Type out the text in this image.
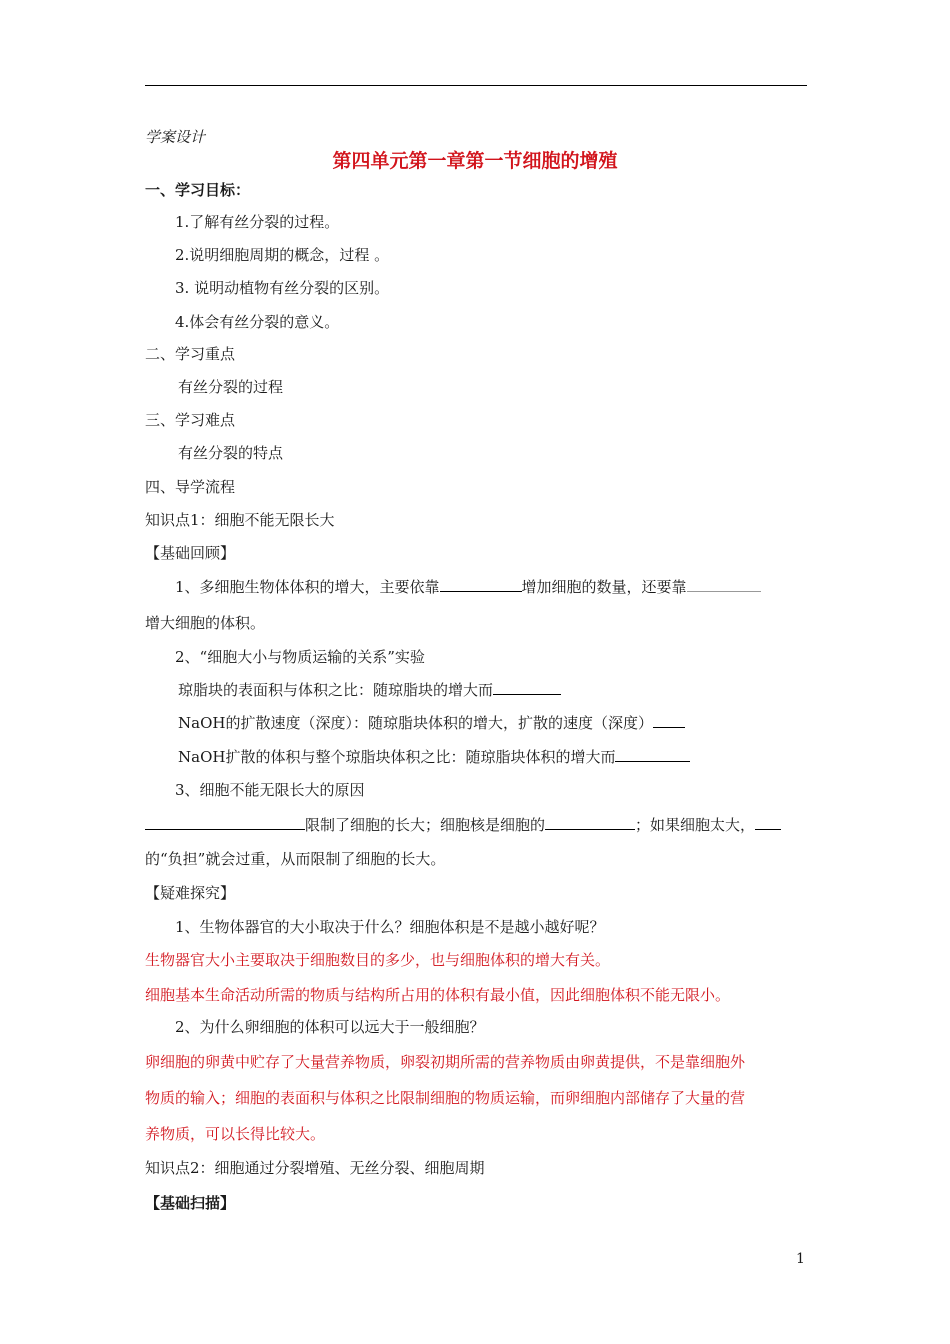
学案设计
第四单元第一章第一节细胞的增殖
一、学习目标：
1.了解有丝分裂的过程。
2.说明细胞周期的概念，过程 。
3. 说明动植物有丝分裂的区别。
4.体会有丝分裂的意义。
二、学习重点
有丝分裂的过程
三、学习难点
有丝分裂的特点
四、导学流程
知识点1：细胞不能无限长大
【基础回顾】
1、多细胞生物体体积的增大，主要依靠	增加细胞的数量，还要靠
增大细胞的体积。
2、“细胞大小与物质运输的关系”实验
琼脂块的表面积与体积之比：随琼脂块的增大而
NaOH的扩散速度（深度）：随琼脂块体积的增大，扩散的速度（深度）
NaOH扩散的体积与整个琼脂块体积之比：随琼脂块体积的增大而
3、细胞不能无限长大的原因
限制了细胞的长大；细胞核是细胞的	；如果细胞太大，
的“负担”就会过重，从而限制了细胞的长大。
【疑难探究】
1、生物体器官的大小取决于什么？细胞体积是不是越小越好呢？
生物器官大小主要取决于细胞数目的多少，也与细胞体积的增大有关。
细胞基本生命活动所需的物质与结构所占用的体积有最小值，因此细胞体积不能无限小。
2、为什么卵细胞的体积可以远大于一般细胞？
卵细胞的卵黄中贮存了大量营养物质，卵裂初期所需的营养物质由卵黄提供，不是靠细胞外
物质的输入；细胞的表面积与体积之比限制细胞的物质运输，而卵细胞内部储存了大量的营
养物质，可以长得比较大。
知识点2：细胞通过分裂增殖、无丝分裂、细胞周期
【基础扫描】
1
